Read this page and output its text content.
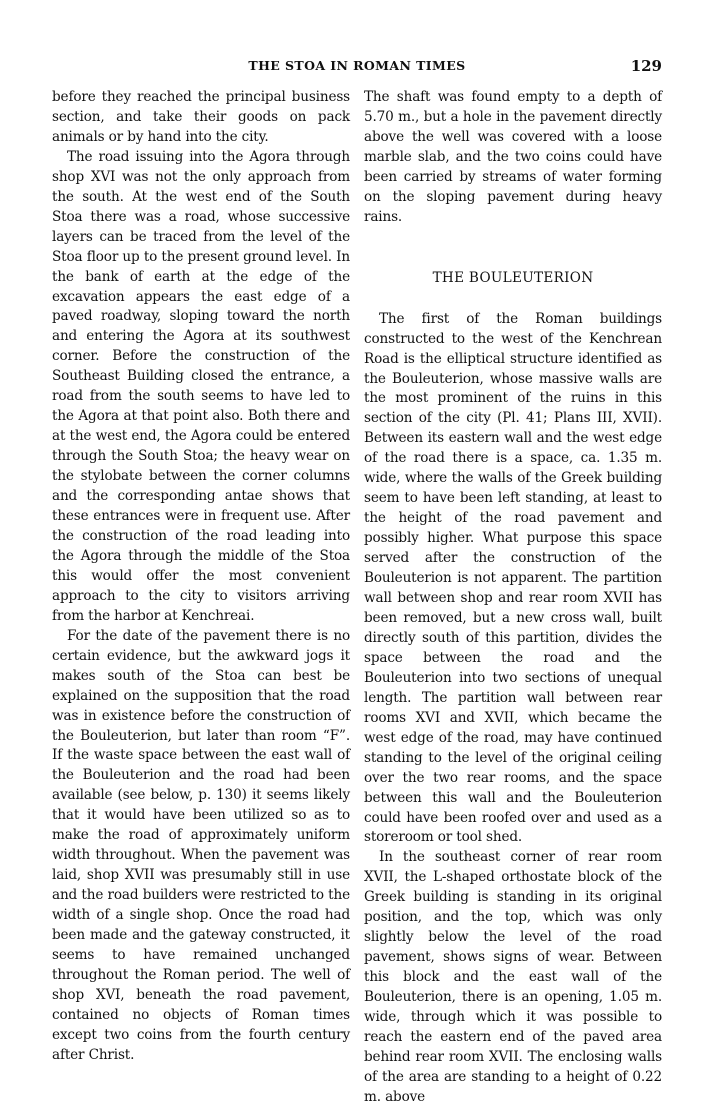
THE STOA IN ROMAN TIMES	129

before they reached the principal business section, and take their goods on pack animals or by hand into the city.

The road issuing into the Agora through shop XVI was not the only approach from the south. At the west end of the South Stoa there was a road, whose successive layers can be traced from the level of the Stoa floor up to the present ground level. In the bank of earth at the edge of the excavation appears the east edge of a paved roadway, sloping toward the north and entering the Agora at its southwest corner. Before the construction of the Southeast Building closed the entrance, a road from the south seems to have led to the Agora at that point also. Both there and at the west end, the Agora could be entered through the South Stoa; the heavy wear on the stylobate between the corner columns and the corresponding antae shows that these entrances were in frequent use. After the construction of the road leading into the Agora through the middle of the Stoa this would offer the most convenient approach to the city to visitors arriving from the harbor at Kenchreai.

For the date of the pavement there is no certain evidence, but the awkward jogs it makes south of the Stoa can best be explained on the supposition that the road was in existence before the construction of the Bouleuterion, but later than room “F”. If the waste space between the east wall of the Bouleuterion and the road had been available (see below, p. 130) it seems likely that it would have been utilized so as to make the road of approximately uniform width throughout. When the pavement was laid, shop XVII was presumably still in use and the road builders were restricted to the width of a single shop. Once the road had been made and the gateway constructed, it seems to have remained unchanged throughout the Roman period. The well of shop XVI, beneath the road pavement, contained no objects of Roman times except two coins from the fourth century after Christ.

The shaft was found empty to a depth of 5.70 m., but a hole in the pavement directly above the well was covered with a loose marble slab, and the two coins could have been carried by streams of water forming on the sloping pavement during heavy rains.

THE BOULEUTERION

The first of the Roman buildings constructed to the west of the Kenchrean Road is the elliptical structure identified as the Bouleuterion, whose massive walls are the most prominent of the ruins in this section of the city (Pl. 41; Plans III, XVII). Between its eastern wall and the west edge of the road there is a space, ca. 1.35 m. wide, where the walls of the Greek building seem to have been left standing, at least to the height of the road pavement and possibly higher. What purpose this space served after the construction of the Bouleuterion is not apparent. The partition wall between shop and rear room XVII has been removed, but a new cross wall, built directly south of this partition, divides the space between the road and the Bouleuterion into two sections of unequal length. The partition wall between rear rooms XVI and XVII, which became the west edge of the road, may have continued standing to the level of the original ceiling over the two rear rooms, and the space between this wall and the Bouleuterion could have been roofed over and used as a storeroom or tool shed.

In the southeast corner of rear room XVII, the L-shaped orthostate block of the Greek building is standing in its original position, and the top, which was only slightly below the level of the road pavement, shows signs of wear. Between this block and the east wall of the Bouleuterion, there is an opening, 1.05 m. wide, through which it was possible to reach the eastern end of the paved area behind rear room XVII. The enclosing walls of the area are standing to a height of 0.22 m. above
